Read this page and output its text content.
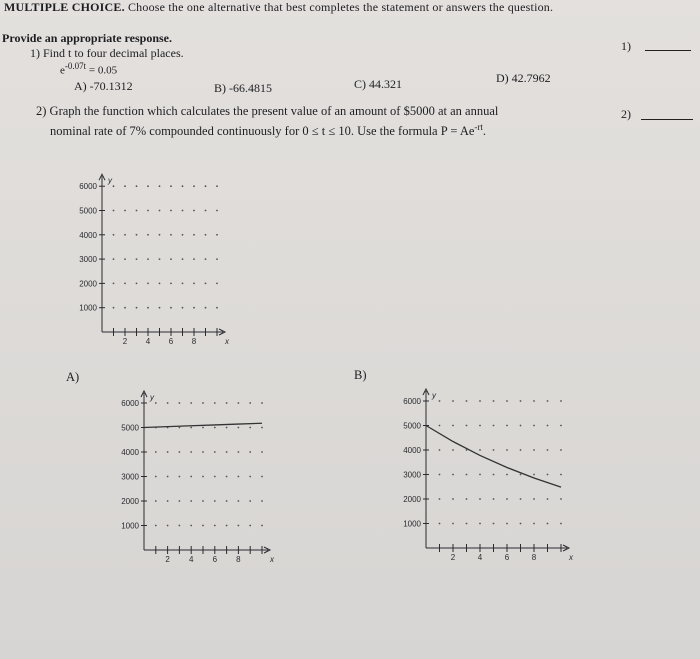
MULTIPLE CHOICE. Choose the one alternative that best completes the statement or answers the question.
Provide an appropriate response.
1)
1) Find t to four decimal places.
$e^{-0.07t} = 0.05$
A) -70.1312	B) -66.4815	C) 44.321	D) 42.7962
2) Graph the function which calculates the present value of an amount of $5000 at an annual
nominal rate of 7% compounded continuously for 0 ≤ t ≤ 10. Use the formula $P = Ae^{-rt}$.
2)
A)	B)
1000
2000
3000
4000
5000
6000
2 4 6 8	x
y
1000
2000
3000
4000
5000
6000
2 4 6 8	x
y
1000
2000
3000
4000
5000
6000
2	4	6	8	x
y
